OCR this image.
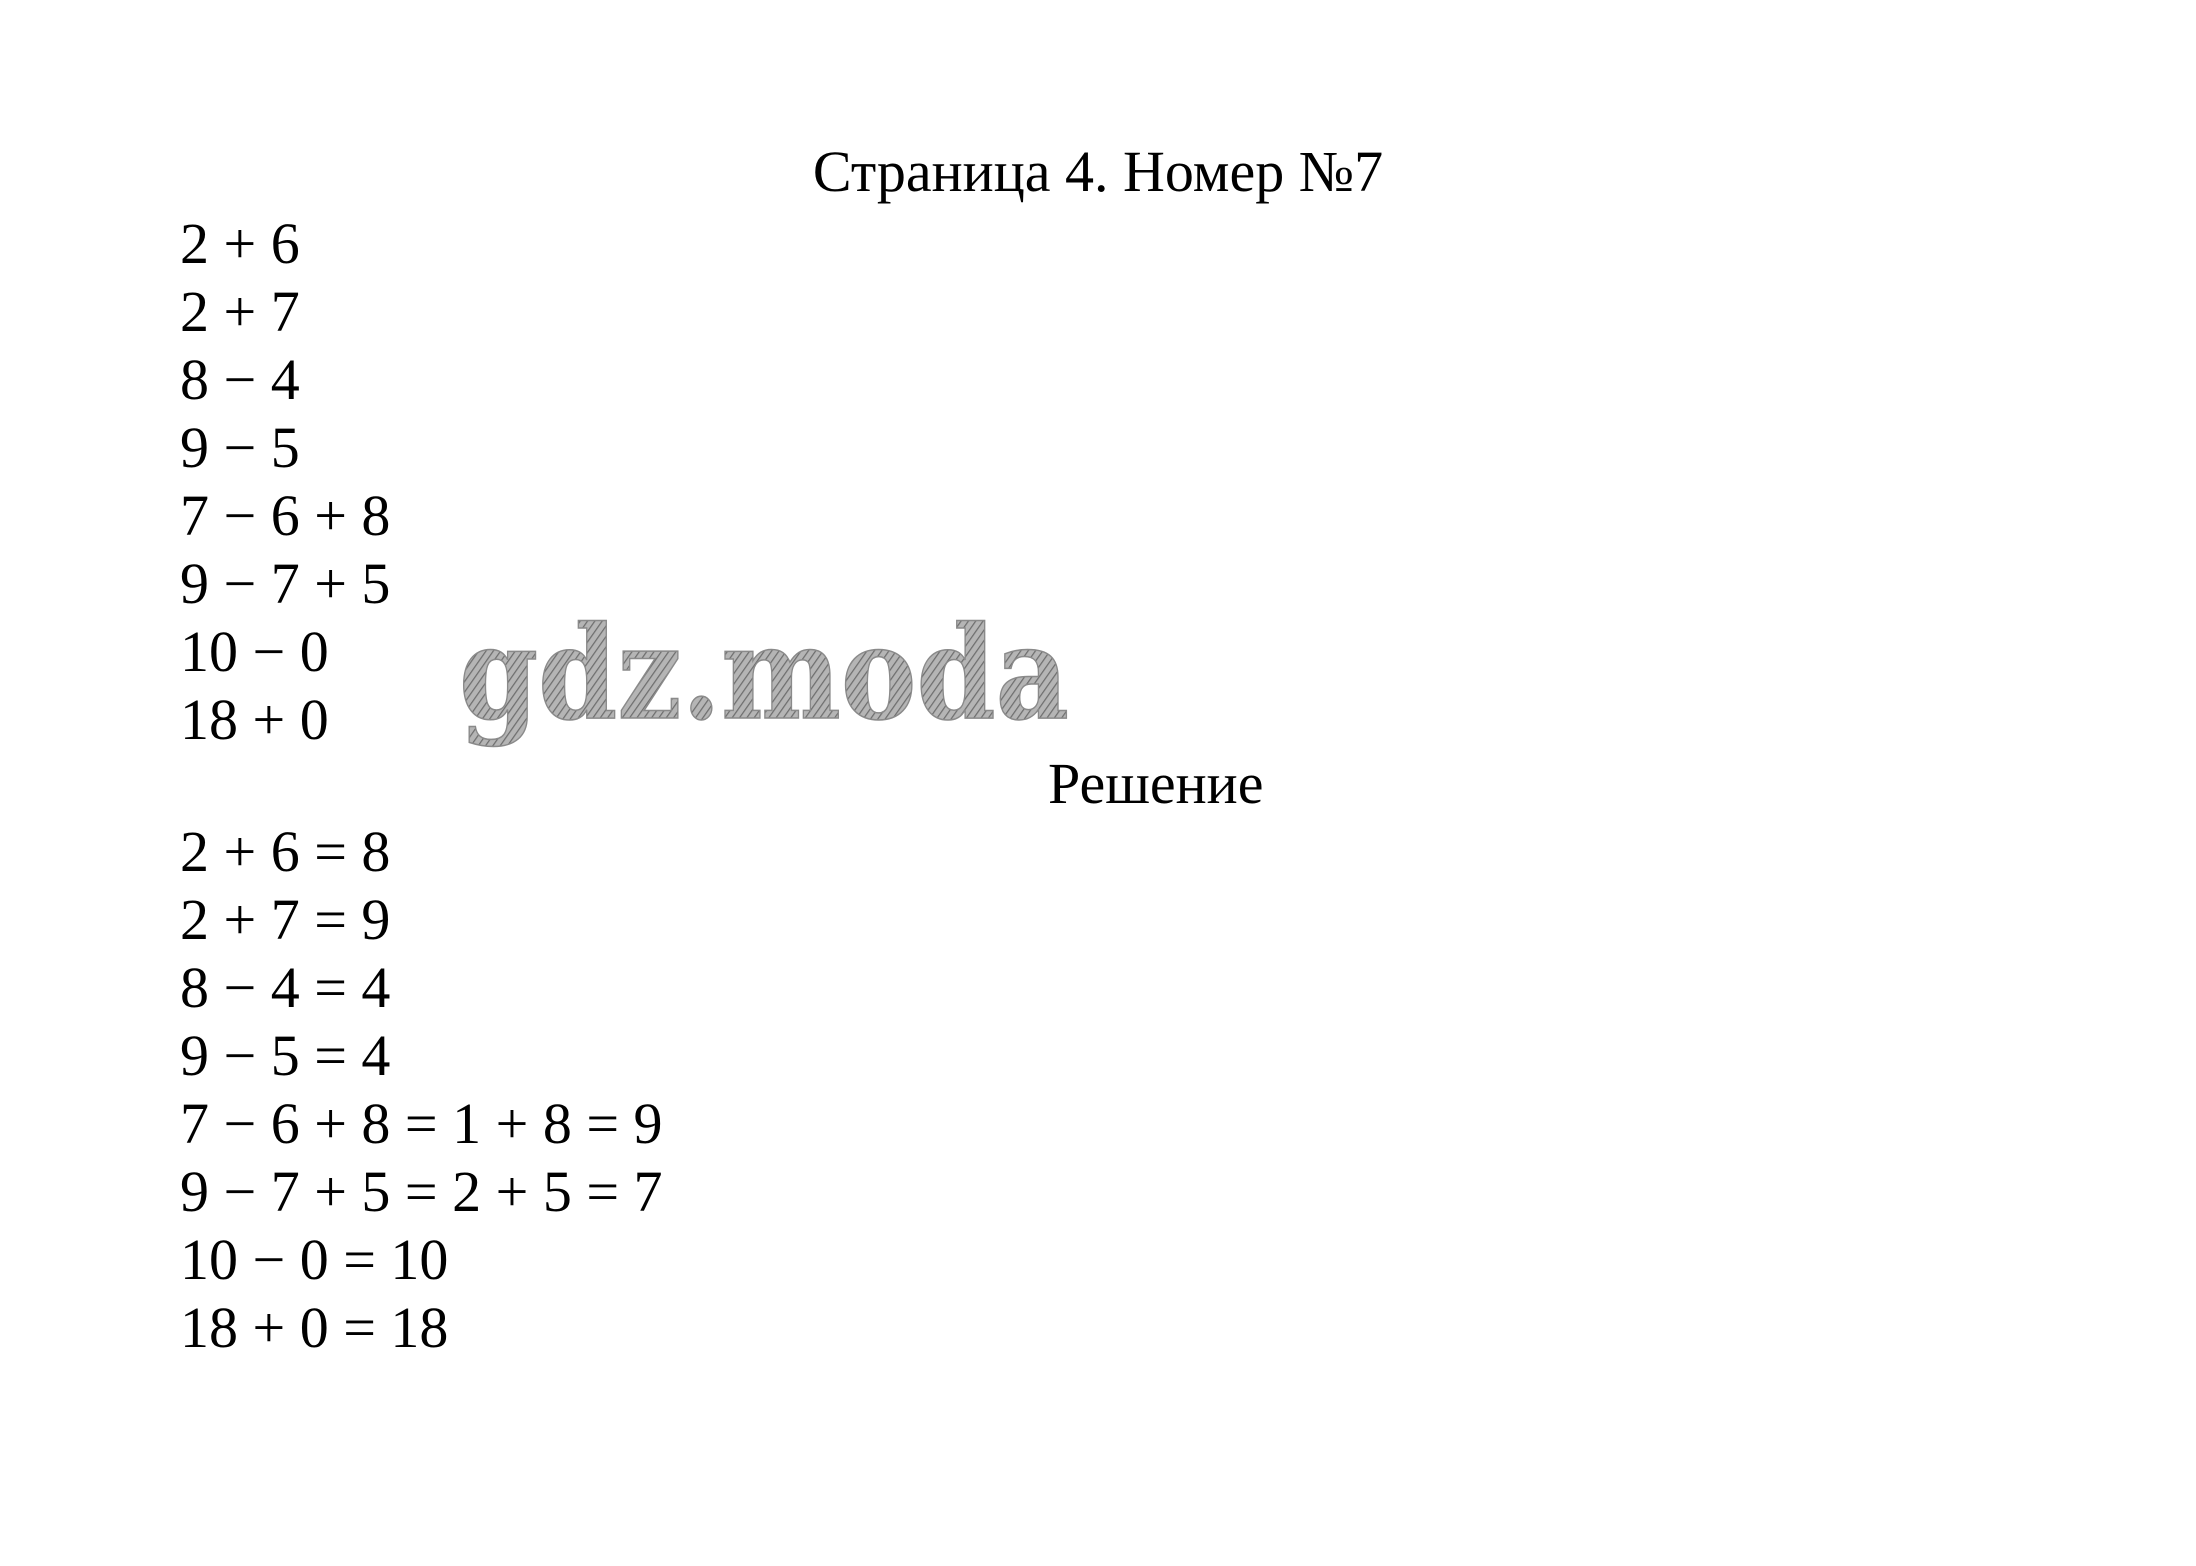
Страница 4. Номер №7
2 + 6
2 + 7
8 − 4
9 − 5
7 − 6 + 8
9 − 7 + 5
10 − 0
18 + 0	gdz.moda
Решение
2 + 6 = 8
2 + 7 = 9
8 − 4 = 4
9 − 5 = 4
7 − 6 + 8 = 1 + 8 = 9
9 − 7 + 5 = 2 + 5 = 7
10 − 0 = 10
18 + 0 = 18
